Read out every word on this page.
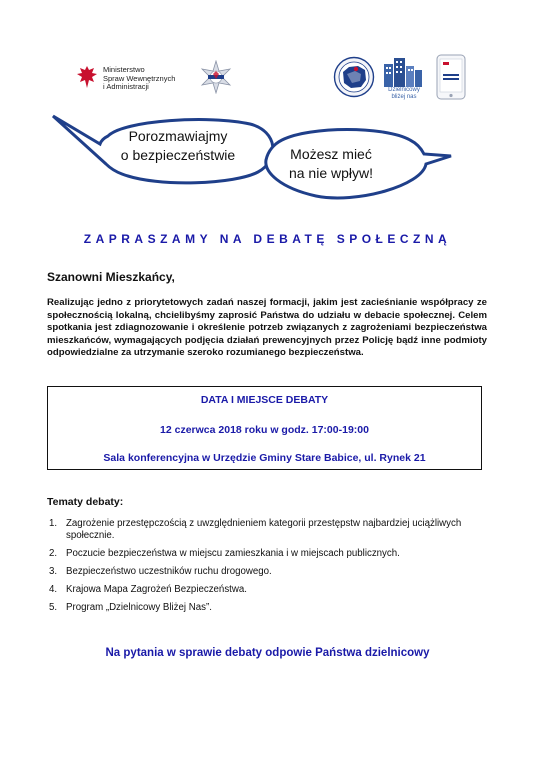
Ministerstwo
Spraw Wewnętrznych
i Administracji	Dzielnicowy
bliżej nas
Porozmawiajmy
o bezpieczeństwie	Możesz mieć
na nie wpływ!
ZAPRASZAMY NA DEBATĘ SPOŁECZNĄ
Szanowni Mieszkańcy,
Realizując jedno z priorytetowych zadań naszej formacji, jakim jest zacieśnianie współpracy ze społecznością lokalną, chcielibyśmy zaprosić Państwa do udziału w debacie społecznej. Celem spotkania jest zdiagnozowanie i określenie potrzeb związanych z zagrożeniami bezpieczeństwa mieszkańców, wymagających podjęcia działań prewencyjnych przez Policję bądź inne podmioty odpowiedzialne za utrzymanie szeroko rozumianego bezpieczeństwa.
DATA I MIEJSCE DEBATY
12 czerwca 2018 roku w godz. 17:00-19:00
Sala konferencyjna w Urzędzie Gminy Stare Babice, ul. Rynek 21
Tematy debaty:
1. Zagrożenie przestępczością z uwzględnieniem kategorii przestępstw najbardziej uciążliwych społecznie.
2. Poczucie bezpieczeństwa w miejscu zamieszkania i w miejscach publicznych.
3. Bezpieczeństwo uczestników ruchu drogowego.
4. Krajowa Mapa Zagrożeń Bezpieczeństwa.
5. Program „Dzielnicowy Bliżej Nas”.
Na pytania w sprawie debaty odpowie Państwa dzielnicowy
